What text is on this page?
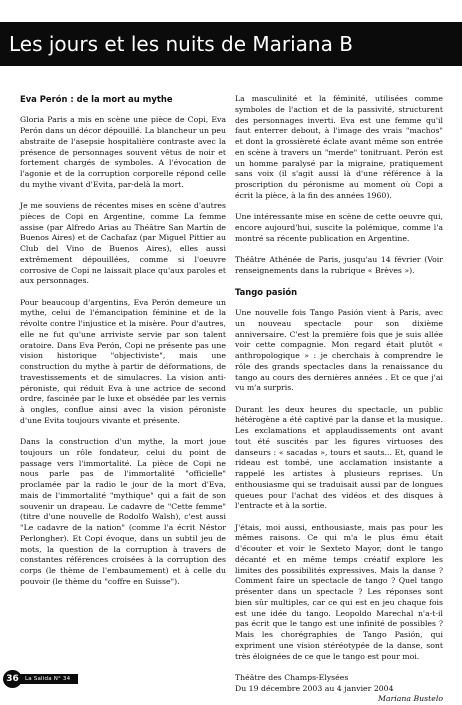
Les jours et les nuits de Mariana B
Eva Perón : de la mort au mythe

Gloria Paris a mis en scène une pièce de Copi, Eva Perón dans un décor dépouillé. La blancheur un peu abstraite de l'asepsie hospitalière contraste avec la présence de personnages souvent vêtus de noir et fortement chargés de symboles. A l'évocation de l'agonie et de la corruption corporelle répond celle du mythe vivant d'Evita, par-delà la mort.

Je me souviens de récentes mises en scène d'autres pièces de Copi en Argentine, comme La femme assise (par Alfredo Arias au Théâtre San Martín de Buenos Aires) et de Cachafaz (par Miguel Pittier au Club del Vino de Buenos Aires), elles aussi extrêmement dépouillées, comme si l'oeuvre corrosive de Copi ne laissait place qu'aux paroles et aux personnages.

Pour beaucoup d'argentins, Eva Perón demeure un mythe, celui de l'émancipation féminine et de la révolte contre l'injustice et la misère. Pour d'autres, elle ne fut qu'une arriviste servie par son talent oratoire. Dans Eva Perón, Copi ne présente pas une vision historique "objectiviste", mais une construction du mythe à partir de déformations, de travestissements et de simulacres. La vision anti-péroniste, qui réduit Eva à une actrice de second ordre, fascinée par le luxe et obsédée par les vernis à ongles, conflue ainsi avec la vision péroniste d'une Evita toujours vivante et présente.

Dans la construction d'un mythe, la mort joue toujours un rôle fondateur, celui du point de passage vers l'immortalité. La pièce de Copi ne nous parle pas de l'immortalité "officielle" proclamée par la radio le jour de la mort d'Eva, mais de l'immortalité "mythique" qui a fait de son souvenir un drapeau. Le cadavre de "Cette femme" (titre d'une nouvelle de Rodolfo Walsh), c'est aussi "Le cadavre de la nation" (comme l'a écrit Néstor Perlongher). Et Copi évoque, dans un subtil jeu de mots, la question de la corruption à travers de constantes références croisées à la corruption des corps (le thème de l'embaumement) et à celle du pouvoir (le thème du "coffre en Suisse").

La masculinité et la féminité, utilisées comme symboles de l'action et de la passivité, structurent des personnages inverti. Eva est une femme qu'il faut enterrer debout, à l'image des vrais "machos" et dont la grossièreté éclate avant même son entrée en scène à travers un "merde" tonitruant. Perón est un homme paralysé par la migraine, pratiquement sans voix (il s'agit aussi là d'une référence à la proscription du péronisme au moment où Copi a écrit la pièce, à la fin des années 1960).

Une intéressante mise en scène de cette oeuvre qui, encore aujourd'hui, suscite la polémique, comme l'a montré sa récente publication en Argentine.

Théâtre Athénée de Paris, jusqu'au 14 février (Voir renseignements dans la rubrique « Brèves »).

Tango pasión

Une nouvelle fois Tango Pasión vient à Paris, avec un nouveau spectacle pour son dixième anniversaire. C'est la première fois que je suis allée voir cette compagnie. Mon regard était plutôt « anthropologique » : je cherchais à comprendre le rôle des grands spectacles dans la renaissance du tango au cours des dernières années . Et ce que j'ai vu m'a surpris.

Durant les deux heures du spectacle, un public hétérogène a été captivé par la danse et la musique. Les exclamations et applaudissements ont avant tout été suscités par les figures virtuoses des danseurs : « sacadas », tours et sauts... Et, quand le rideau est tombé, une acclamation insistante a rappelé les artistes à plusieurs reprises. Un enthousiasme qui se traduisait aussi par de longues queues pour l'achat des vidéos et des disques à l'entracte et à la sortie.

J'étais, moi aussi, enthousiaste, mais pas pour les mêmes raisons. Ce qui m'a le plus ému était d'écouter et voir le Sexteto Mayor, dont le tango décanté et en même temps créatif explore les limites des possibilités expressives. Mais la danse ? Comment faire un spectacle de tango ? Quel tango présenter dans un spectacle ? Les réponses sont bien sûr multiples, car ce qui est en jeu chaque fois est une idée du tango. Leopoldo Marechal n'a-t-il pas écrit que le tango est une infinité de possibles ? Mais les chorégraphies de Tango Pasión, qui expriment une vision stéréotypée de la danse, sont très éloignées de ce que le tango est pour moi.

Théâtre des Champs-Elysées
Du 19 décembre 2003 au 4 janvier 2004
Mariana Bustelo

36	La Salida N° 34
